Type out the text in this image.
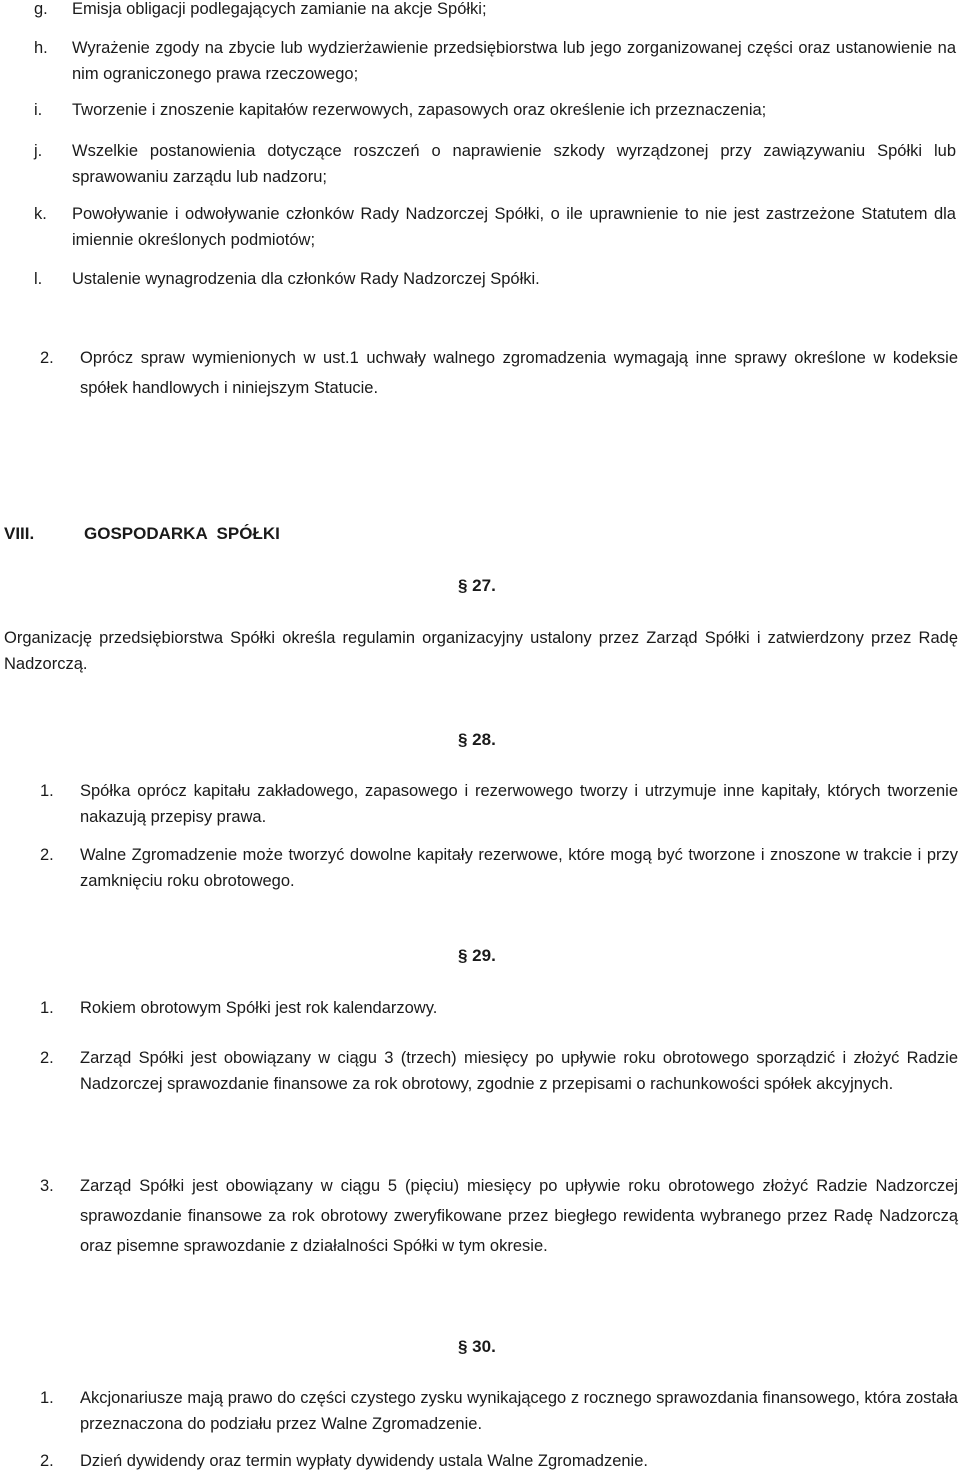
g. Emisja obligacji podlegających zamianie na akcje Spółki;
h. Wyrażenie zgody na zbycie lub wydzierżawienie przedsiębiorstwa lub jego zorganizowanej części oraz ustanowienie na nim ograniczonego prawa rzeczowego;
i. Tworzenie i znoszenie kapitałów rezerwowych, zapasowych oraz określenie ich przeznaczenia;
j. Wszelkie postanowienia dotyczące roszczeń o naprawienie szkody wyrządzonej przy zawiązywaniu Spółki lub sprawowaniu zarządu lub nadzoru;
k. Powoływanie i odwoływanie członków Rady Nadzorczej Spółki, o ile uprawnienie to nie jest zastrzeżone Statutem dla imiennie określonych podmiotów;
l. Ustalenie wynagrodzenia dla członków Rady Nadzorczej Spółki.
2. Oprócz spraw wymienionych w ust.1 uchwały walnego zgromadzenia wymagają inne sprawy określone w kodeksie spółek handlowych i niniejszym Statucie.
VIII.	GOSPODARKA  SPÓŁKI
§ 27.
Organizację przedsiębiorstwa Spółki określa regulamin organizacyjny ustalony przez Zarząd Spółki i zatwierdzony przez Radę Nadzorczą.
§ 28.
1. Spółka oprócz kapitału zakładowego, zapasowego i rezerwowego tworzy i utrzymuje inne kapitały, których tworzenie nakazują przepisy prawa.
2. Walne Zgromadzenie może tworzyć dowolne kapitały rezerwowe, które mogą być tworzone i znoszone w trakcie i przy zamknięciu roku obrotowego.
§ 29.
1. Rokiem obrotowym Spółki jest rok kalendarzowy.
2. Zarząd Spółki jest obowiązany w ciągu 3 (trzech) miesięcy po upływie roku obrotowego sporządzić i złożyć Radzie Nadzorczej sprawozdanie finansowe za rok obrotowy, zgodnie z przepisami o rachunkowości spółek akcyjnych.
3. Zarząd Spółki jest obowiązany w ciągu 5 (pięciu) miesięcy po upływie roku obrotowego złożyć Radzie Nadzorczej sprawozdanie finansowe za rok obrotowy zweryfikowane przez biegłego rewidenta wybranego przez Radę Nadzorczą oraz pisemne sprawozdanie z działalności Spółki w tym okresie.
§ 30.
1. Akcjonariusze mają prawo do części czystego zysku wynikającego z rocznego sprawozdania finansowego, która została przeznaczona do podziału przez Walne Zgromadzenie.
2. Dzień dywidendy oraz termin wypłaty dywidendy ustala Walne Zgromadzenie.
